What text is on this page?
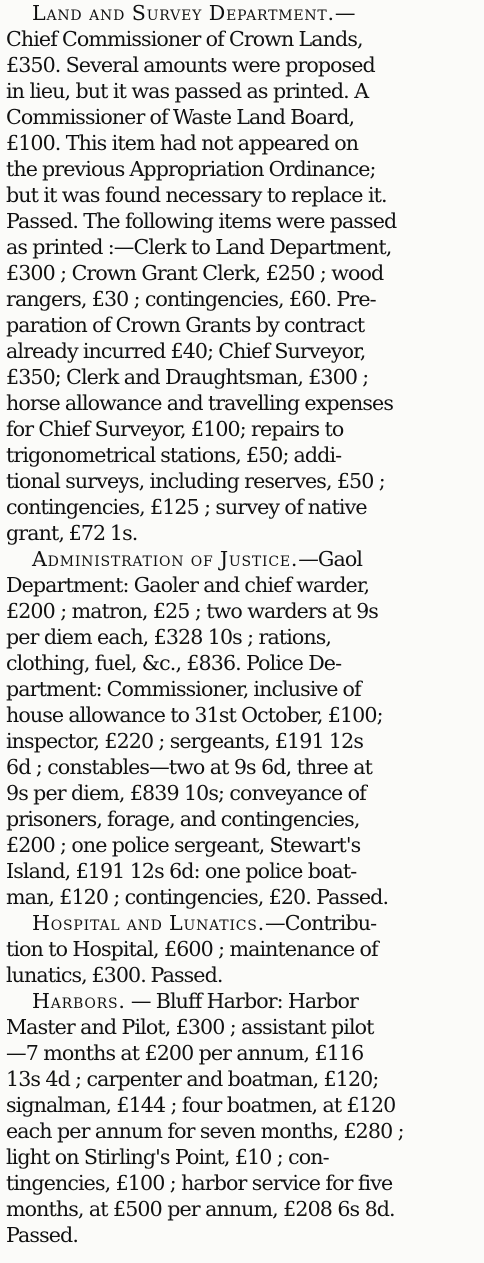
Land and Survey Department.—
Chief Commissioner of Crown Lands,
£350. Several amounts were proposed
in lieu, but it was passed as printed. A
Commissioner of Waste Land Board,
£100. This item had not appeared on
the previous Appropriation Ordinance;
but it was found necessary to replace it.
Passed. The following items were passed
as printed :—Clerk to Land Department,
£300 ; Crown Grant Clerk, £250 ; wood
rangers, £30 ; contingencies, £60. Pre-
paration of Crown Grants by contract
already incurred £40; Chief Surveyor,
£350; Clerk and Draughtsman, £300 ;
horse allowance and travelling expenses
for Chief Surveyor, £100; repairs to
trigonometrical stations, £50; addi-
tional surveys, including reserves, £50 ;
contingencies, £125 ; survey of native
grant, £72 1s.
Administration of Justice.—Gaol
Department: Gaoler and chief warder,
£200 ; matron, £25 ; two warders at 9s
per diem each, £328 10s ; rations,
clothing, fuel, &c., £836. Police De-
partment: Commissioner, inclusive of
house allowance to 31st October, £100;
inspector, £220 ; sergeants, £191 12s
6d ; constables—two at 9s 6d, three at
9s per diem, £839 10s; conveyance of
prisoners, forage, and contingencies,
£200 ; one police sergeant, Stewart's
Island, £191 12s 6d: one police boat-
man, £120 ; contingencies, £20. Passed.
Hospital and Lunatics.—Contribu-
tion to Hospital, £600 ; maintenance of
lunatics, £300. Passed.
Harbors. — Bluff Harbor: Harbor
Master and Pilot, £300 ; assistant pilot
—7 months at £200 per annum, £116
13s 4d ; carpenter and boatman, £120;
signalman, £144 ; four boatmen, at £120
each per annum for seven months, £280 ;
light on Stirling's Point, £10 ; con-
tingencies, £100 ; harbor service for five
months, at £500 per annum, £208 6s 8d.
Passed.
